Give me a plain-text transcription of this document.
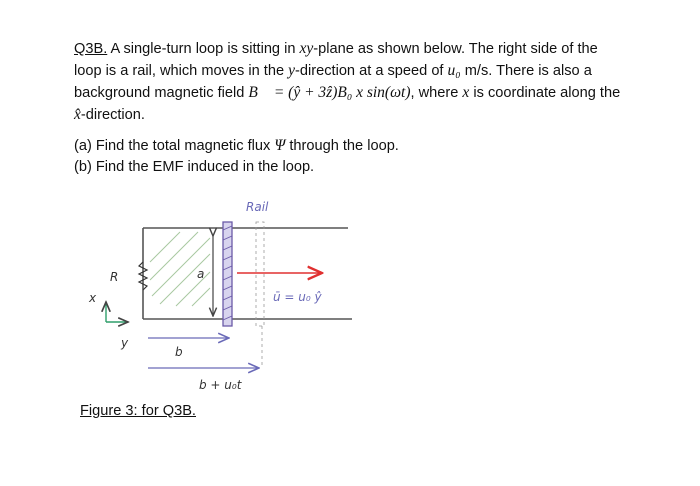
Q3B. A single-turn loop is sitting in xy-plane as shown below. The right side of the

loop is a rail, which moves in the y-direction at a speed of u₀ m/s. There is also a

background magnetic field B⃗ = (ŷ + 3ẑ)B₀ x sin(ωt), where x is coordinate along the

x̂-direction.

(a) Find the total magnetic flux Ψ through the loop.

(b) Find the EMF induced in the loop.

ū = u₀ ŷ
Rail
R	a
x
y
b
b + u₀t
Figure 3: for Q3B.
